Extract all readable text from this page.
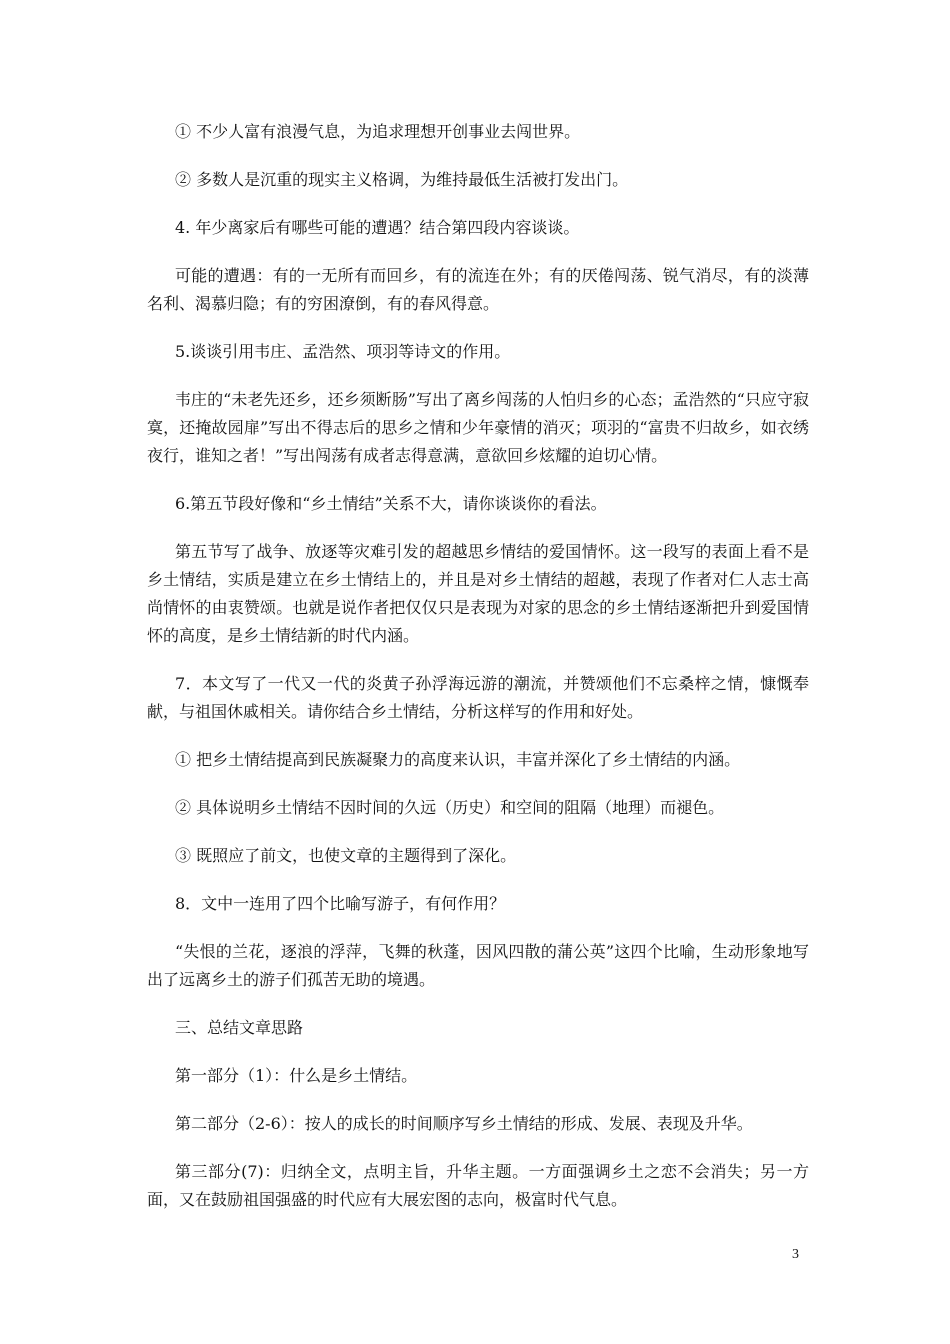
① 不少人富有浪漫气息，为追求理想开创事业去闯世界。

② 多数人是沉重的现实主义格调，为维持最低生活被打发出门。

4. 年少离家后有哪些可能的遭遇？结合第四段内容谈谈。

可能的遭遇：有的一无所有而回乡，有的流连在外；有的厌倦闯荡、锐气消尽，有的淡薄名利、渴慕归隐；有的穷困潦倒，有的春风得意。

5.谈谈引用韦庄、孟浩然、项羽等诗文的作用。

韦庄的“未老先还乡，还乡须断肠”写出了离乡闯荡的人怕归乡的心态；孟浩然的“只应守寂寞，还掩故园扉”写出不得志后的思乡之情和少年豪情的消灭；项羽的“富贵不归故乡，如衣绣夜行，谁知之者！”写出闯荡有成者志得意满，意欲回乡炫耀的迫切心情。

6.第五节段好像和“乡土情结”关系不大，请你谈谈你的看法。

第五节写了战争、放逐等灾难引发的超越思乡情结的爱国情怀。这一段写的表面上看不是乡土情结，实质是建立在乡土情结上的，并且是对乡土情结的超越，表现了作者对仁人志士高尚情怀的由衷赞颂。也就是说作者把仅仅只是表现为对家的思念的乡土情结逐渐把升到爱国情怀的高度，是乡土情结新的时代内涵。

7．本文写了一代又一代的炎黄子孙浮海远游的潮流，并赞颂他们不忘桑梓之情，慷慨奉献，与祖国休戚相关。请你结合乡土情结，分析这样写的作用和好处。

① 把乡土情结提高到民族凝聚力的高度来认识，丰富并深化了乡土情结的内涵。

② 具体说明乡土情结不因时间的久远（历史）和空间的阻隔（地理）而褪色。

③ 既照应了前文，也使文章的主题得到了深化。

8．文中一连用了四个比喻写游子，有何作用？

“失恨的兰花，逐浪的浮萍，飞舞的秋蓬，因风四散的蒲公英”这四个比喻，生动形象地写出了远离乡土的游子们孤苦无助的境遇。

三、总结文章思路

第一部分（1）：什么是乡土情结。

第二部分（2-6）：按人的成长的时间顺序写乡土情结的形成、发展、表现及升华。

第三部分(7)：归纳全文，点明主旨，升华主题。一方面强调乡土之恋不会消失；另一方面，又在鼓励祖国强盛的时代应有大展宏图的志向，极富时代气息。

3
